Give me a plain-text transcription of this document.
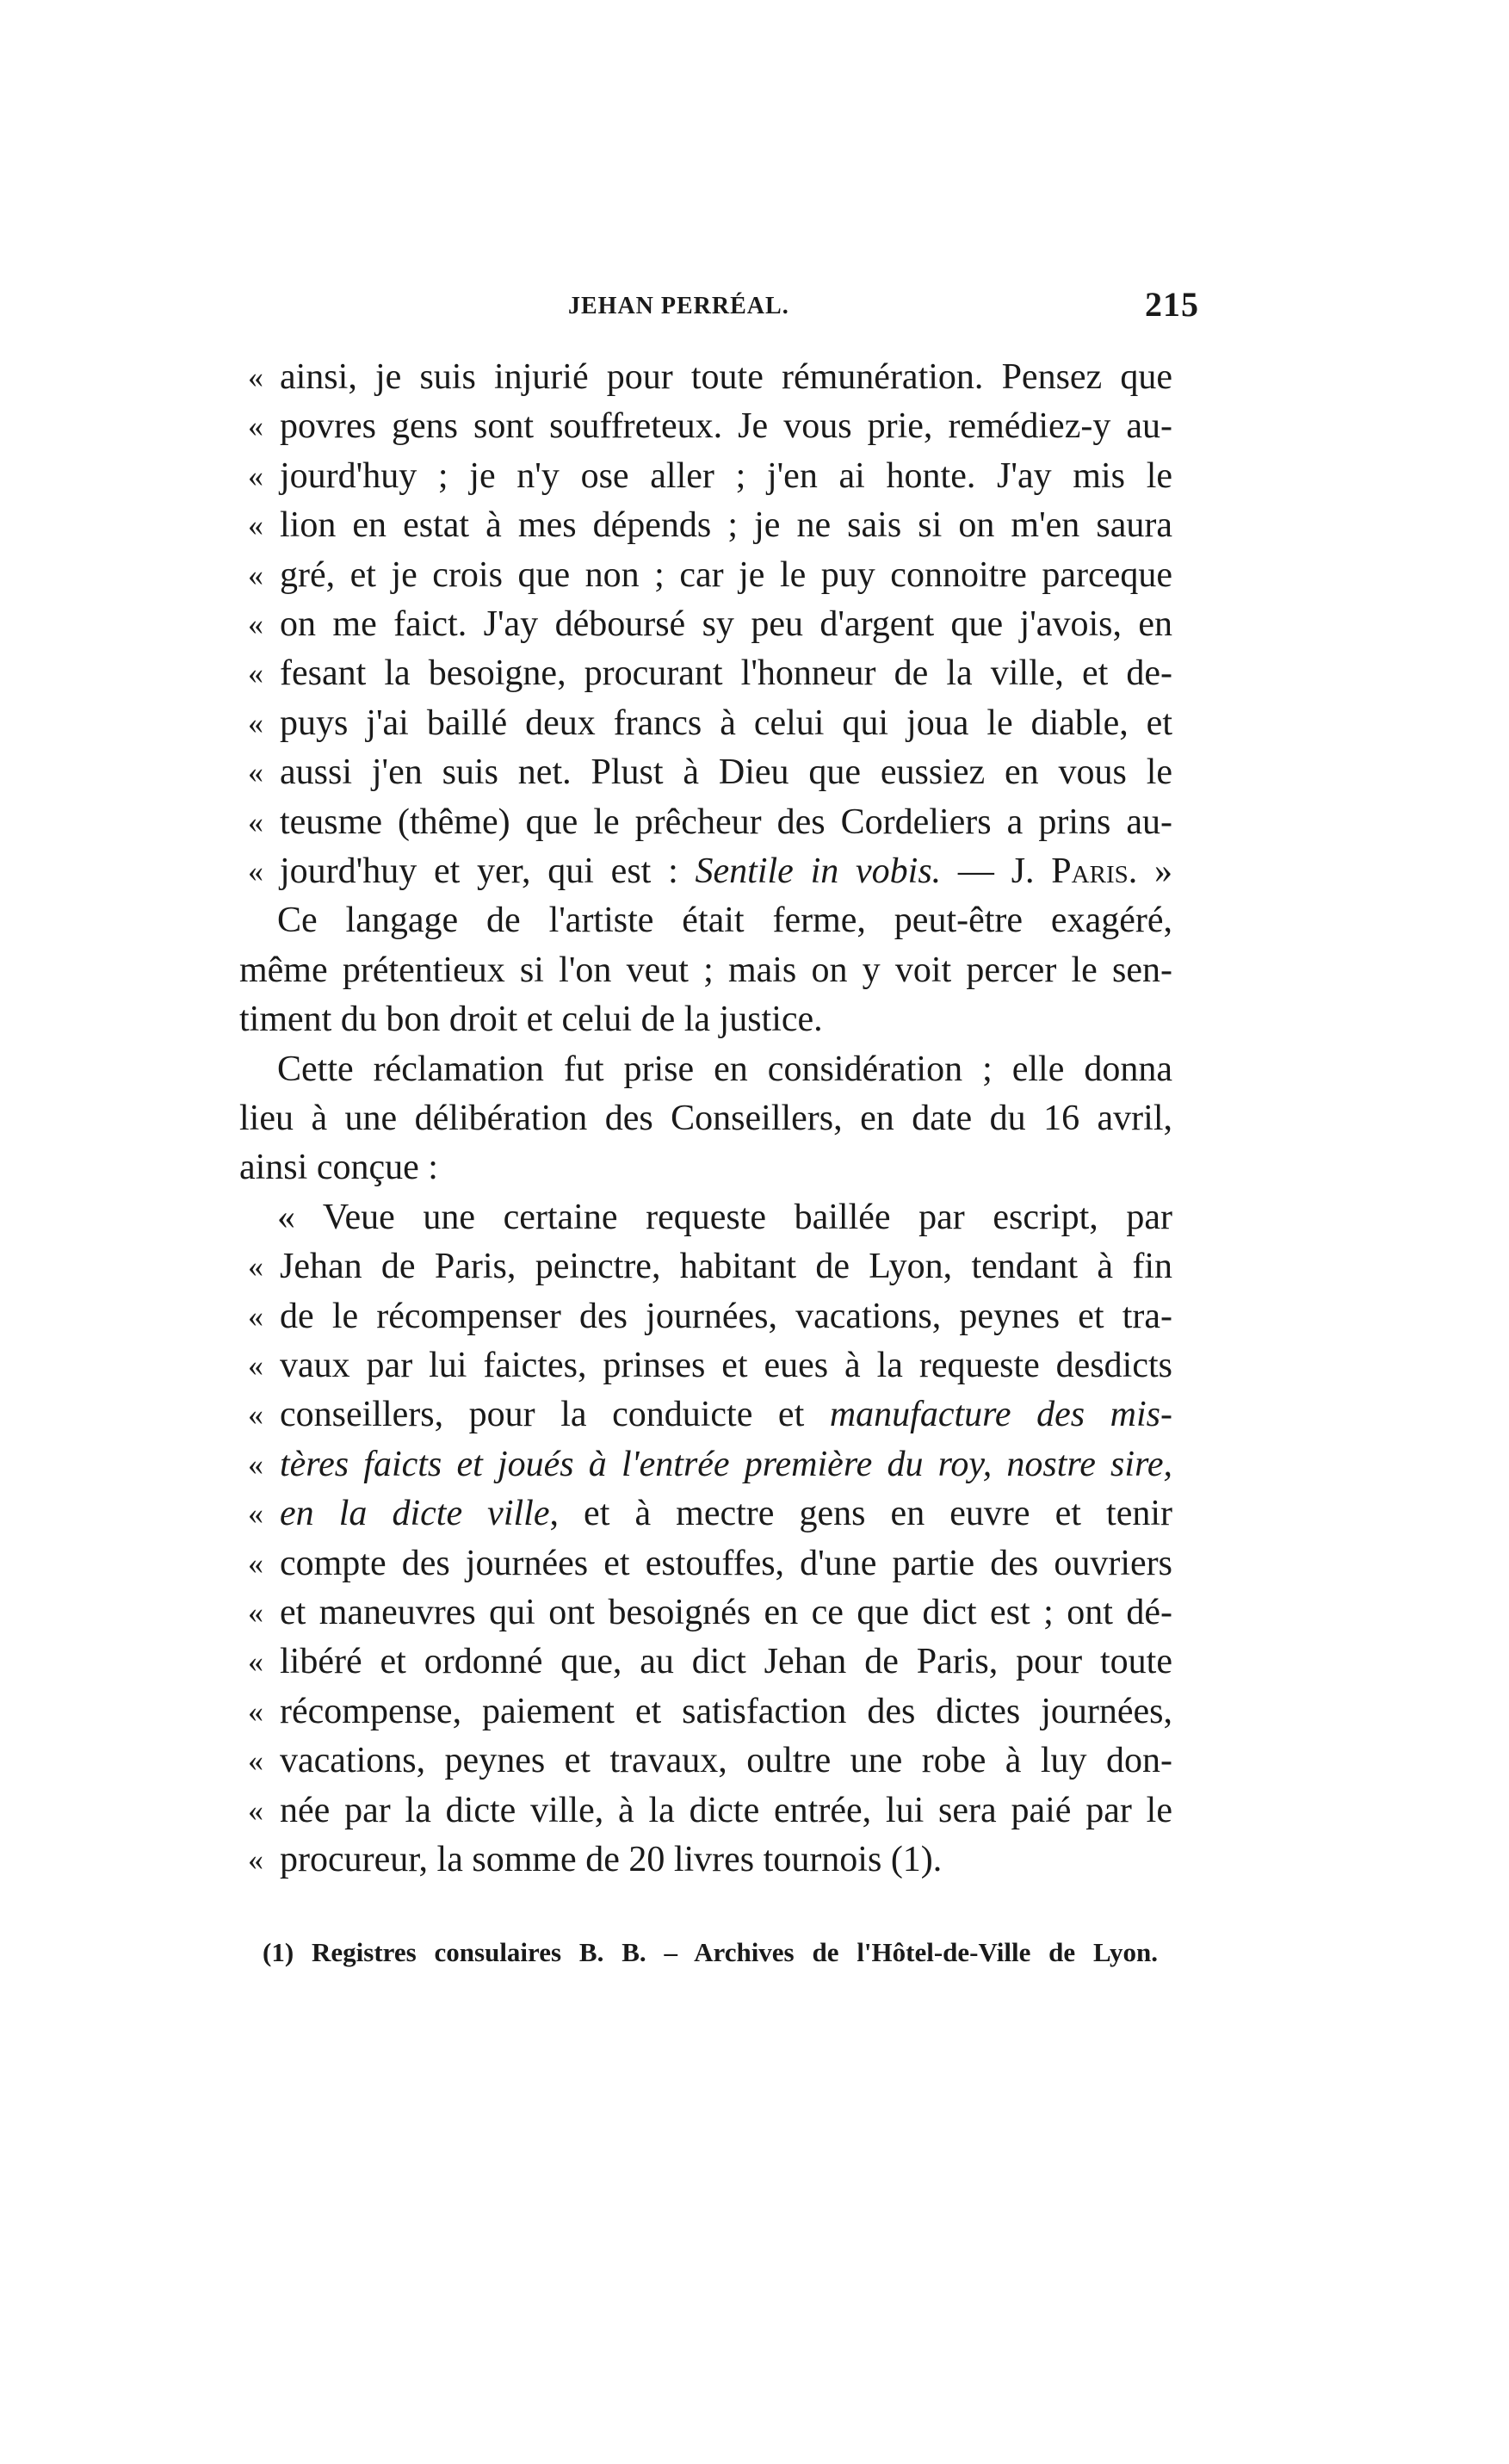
JEHAN PERRÉAL.	215
« ainsi, je suis injurié pour toute rémunération. Pensez que
« povres gens sont souffreteux. Je vous prie, remédiez-y au-
« jourd'huy ; je n'y ose aller ; j'en ai honte. J'ay mis le
« lion en estat à mes dépends ; je ne sais si on m'en saura
« gré, et je crois que non ; car je le puy connoitre parceque
« on me faict. J'ay déboursé sy peu d'argent que j'avois, en
« fesant la besoigne, procurant l'honneur de la ville, et de-
« puys j'ai baillé deux francs à celui qui joua le diable, et
« aussi j'en suis net. Plust à Dieu que eussiez en vous le
« teusme (thême) que le prêcheur des Cordeliers a prins au-
« jourd'huy et yer, qui est : Sentile in vobis. — J. Paris. »
Ce langage de l'artiste était ferme, peut-être exagéré,
même prétentieux si l'on veut ; mais on y voit percer le sen-
timent du bon droit et celui de la justice.
Cette réclamation fut prise en considération ; elle donna
lieu à une délibération des Conseillers, en date du 16 avril,
ainsi conçue :
« Veue une certaine requeste baillée par escript, par
« Jehan de Paris, peinctre, habitant de Lyon, tendant à fin
« de le récompenser des journées, vacations, peynes et tra-
« vaux par lui faictes, prinses et eues à la requeste desdicts
« conseillers, pour la conduicte et manufacture des mis-
« tères faicts et joués à l'entrée première du roy, nostre sire,
« en la dicte ville, et à mectre gens en euvre et tenir
« compte des journées et estouffes, d'une partie des ouvriers
« et maneuvres qui ont besoignés en ce que dict est ; ont dé-
« libéré et ordonné que, au dict Jehan de Paris, pour toute
« récompense, paiement et satisfaction des dictes journées,
« vacations, peynes et travaux, oultre une robe à luy don-
« née par la dicte ville, à la dicte entrée, lui sera paié par le
« procureur, la somme de 20 livres tournois (1).
(1) Registres consulaires B. B. – Archives de l'Hôtel-de-Ville de Lyon.
